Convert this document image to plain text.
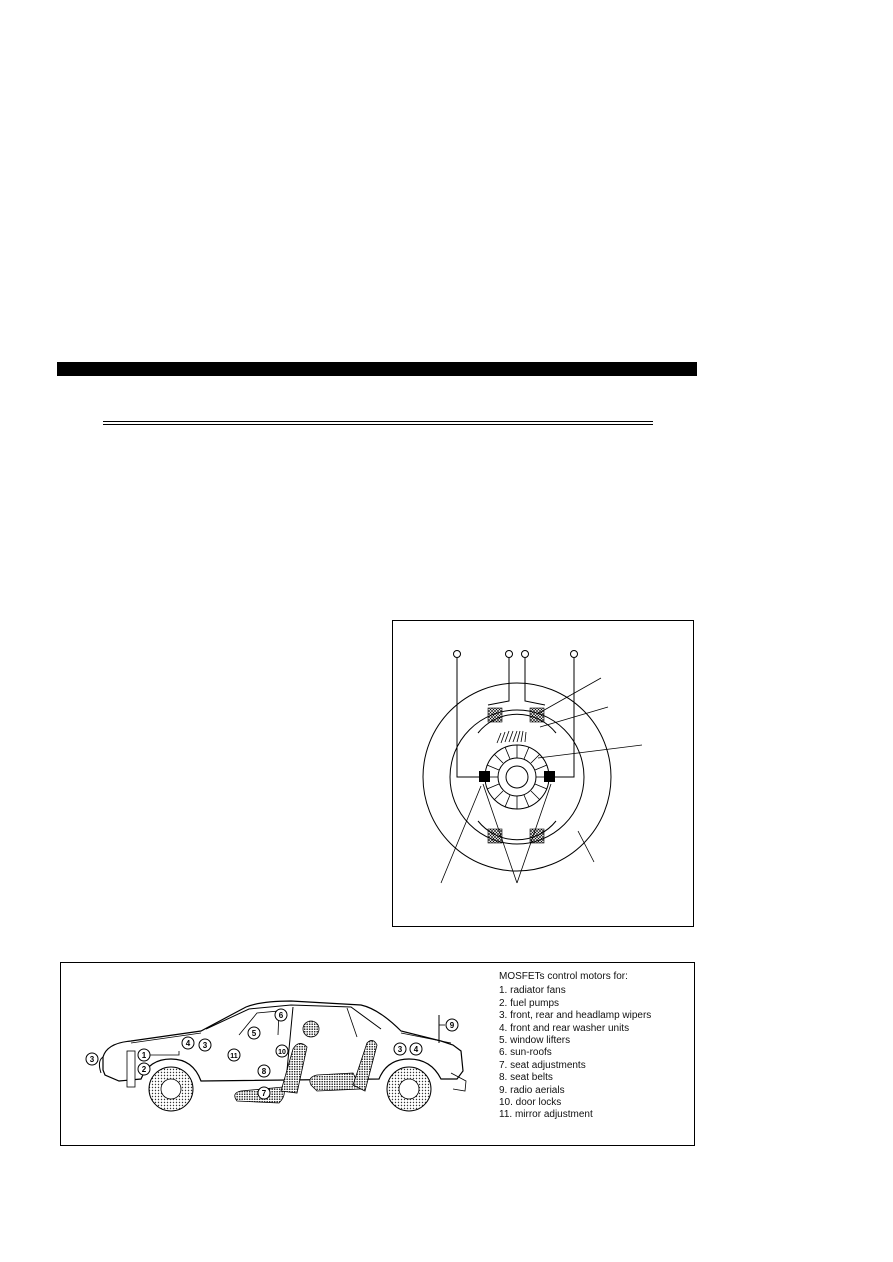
3	1
2
4 3
5
11
6
10
8
7
3 4
9
MOSFETs control motors for:
1. radiator fans
2. fuel pumps
3. front, rear and headlamp wipers
4. front and rear washer units
5. window lifters
6. sun-roofs
7. seat adjustments
8. seat belts
9. radio aerials
10. door locks
11. mirror adjustment
